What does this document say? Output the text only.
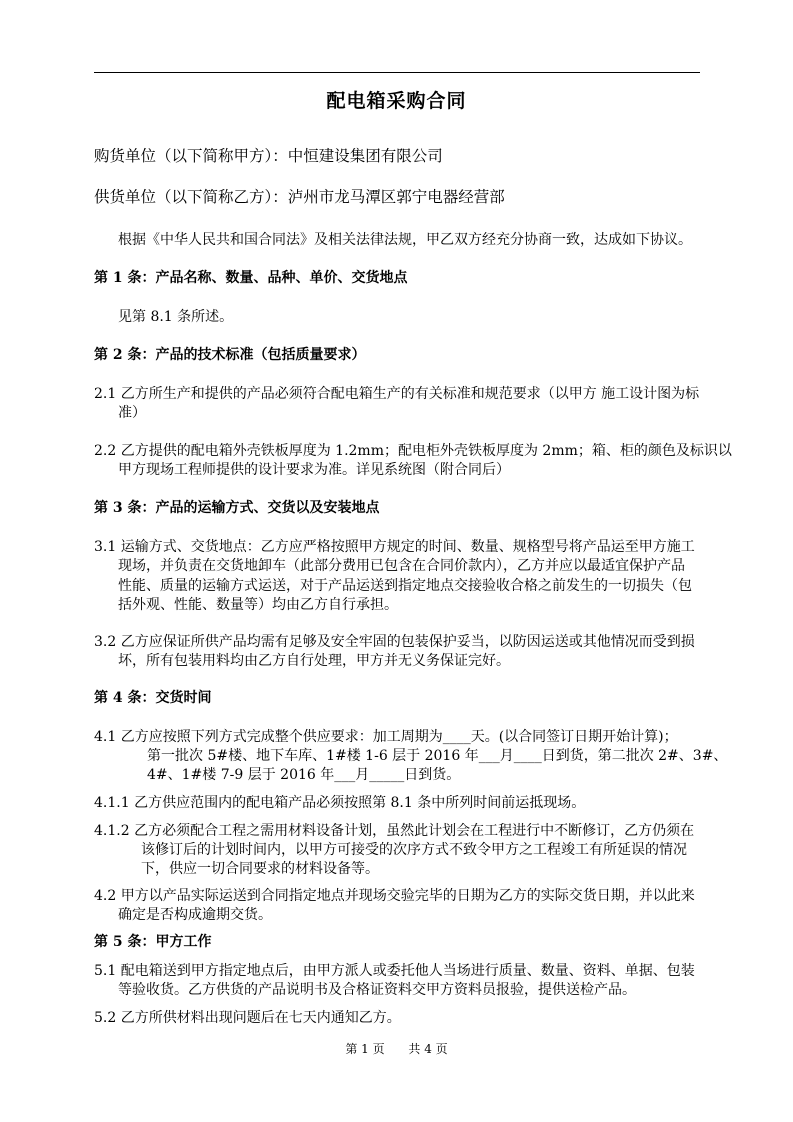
配电箱采购合同
购货单位（以下简称甲方）：中恒建设集团有限公司
供货单位（以下简称乙方）：泸州市龙马潭区郭宁电器经营部
根据《中华人民共和国合同法》及相关法律法规，甲乙双方经充分协商一致，达成如下协议。
第 1 条：产品名称、数量、品种、单价、交货地点
见第 8.1 条所述。
第 2 条：产品的技术标准（包括质量要求）
2.1 乙方所生产和提供的产品必须符合配电箱生产的有关标准和规范要求（以甲方 施工设计图为标
准）
2.2 乙方提供的配电箱外壳铁板厚度为 1.2mm；配电柜外壳铁板厚度为 2mm；箱、柜的颜色及标识以
甲方现场工程师提供的设计要求为准。详见系统图（附合同后）
第 3 条：产品的运输方式、交货以及安装地点
3.1 运输方式、交货地点：乙方应严格按照甲方规定的时间、数量、规格型号将产品运至甲方施工
现场，并负责在交货地卸车（此部分费用已包含在合同价款内），乙方并应以最适宜保护产品
性能、质量的运输方式运送，对于产品运送到指定地点交接验收合格之前发生的一切损失（包
括外观、性能、数量等）均由乙方自行承担。
3.2 乙方应保证所供产品均需有足够及安全牢固的包装保护妥当，以防因运送或其他情况而受到损
坏，所有包装用料均由乙方自行处理，甲方并无义务保证完好。
第 4 条：交货时间
4.1 乙方应按照下列方式完成整个供应要求：加工周期为____天。(以合同签订日期开始计算)；
第一批次 5#楼、地下车库、1#楼 1-6 层于 2016 年___月____日到货，第二批次 2#、3#、
4#、1#楼 7-9 层于 2016 年___月_____日到货。
4.1.1 乙方供应范围内的配电箱产品必须按照第 8.1 条中所列时间前运抵现场。
4.1.2 乙方必须配合工程之需用材料设备计划，虽然此计划会在工程进行中不断修订，乙方仍须在
该修订后的计划时间内，以甲方可接受的次序方式不致令甲方之工程竣工有所延误的情况
下，供应一切合同要求的材料设备等。
4.2 甲方以产品实际运送到合同指定地点并现场交验完毕的日期为乙方的实际交货日期，并以此来
确定是否构成逾期交货。
第 5 条：甲方工作
5.1 配电箱送到甲方指定地点后，由甲方派人或委托他人当场进行质量、数量、资料、单据、包装
等验收货。乙方供货的产品说明书及合格证资料交甲方资料员报验，提供送检产品。
5.2 乙方所供材料出现问题后在七天内通知乙方。
第 1 页 共 4 页
